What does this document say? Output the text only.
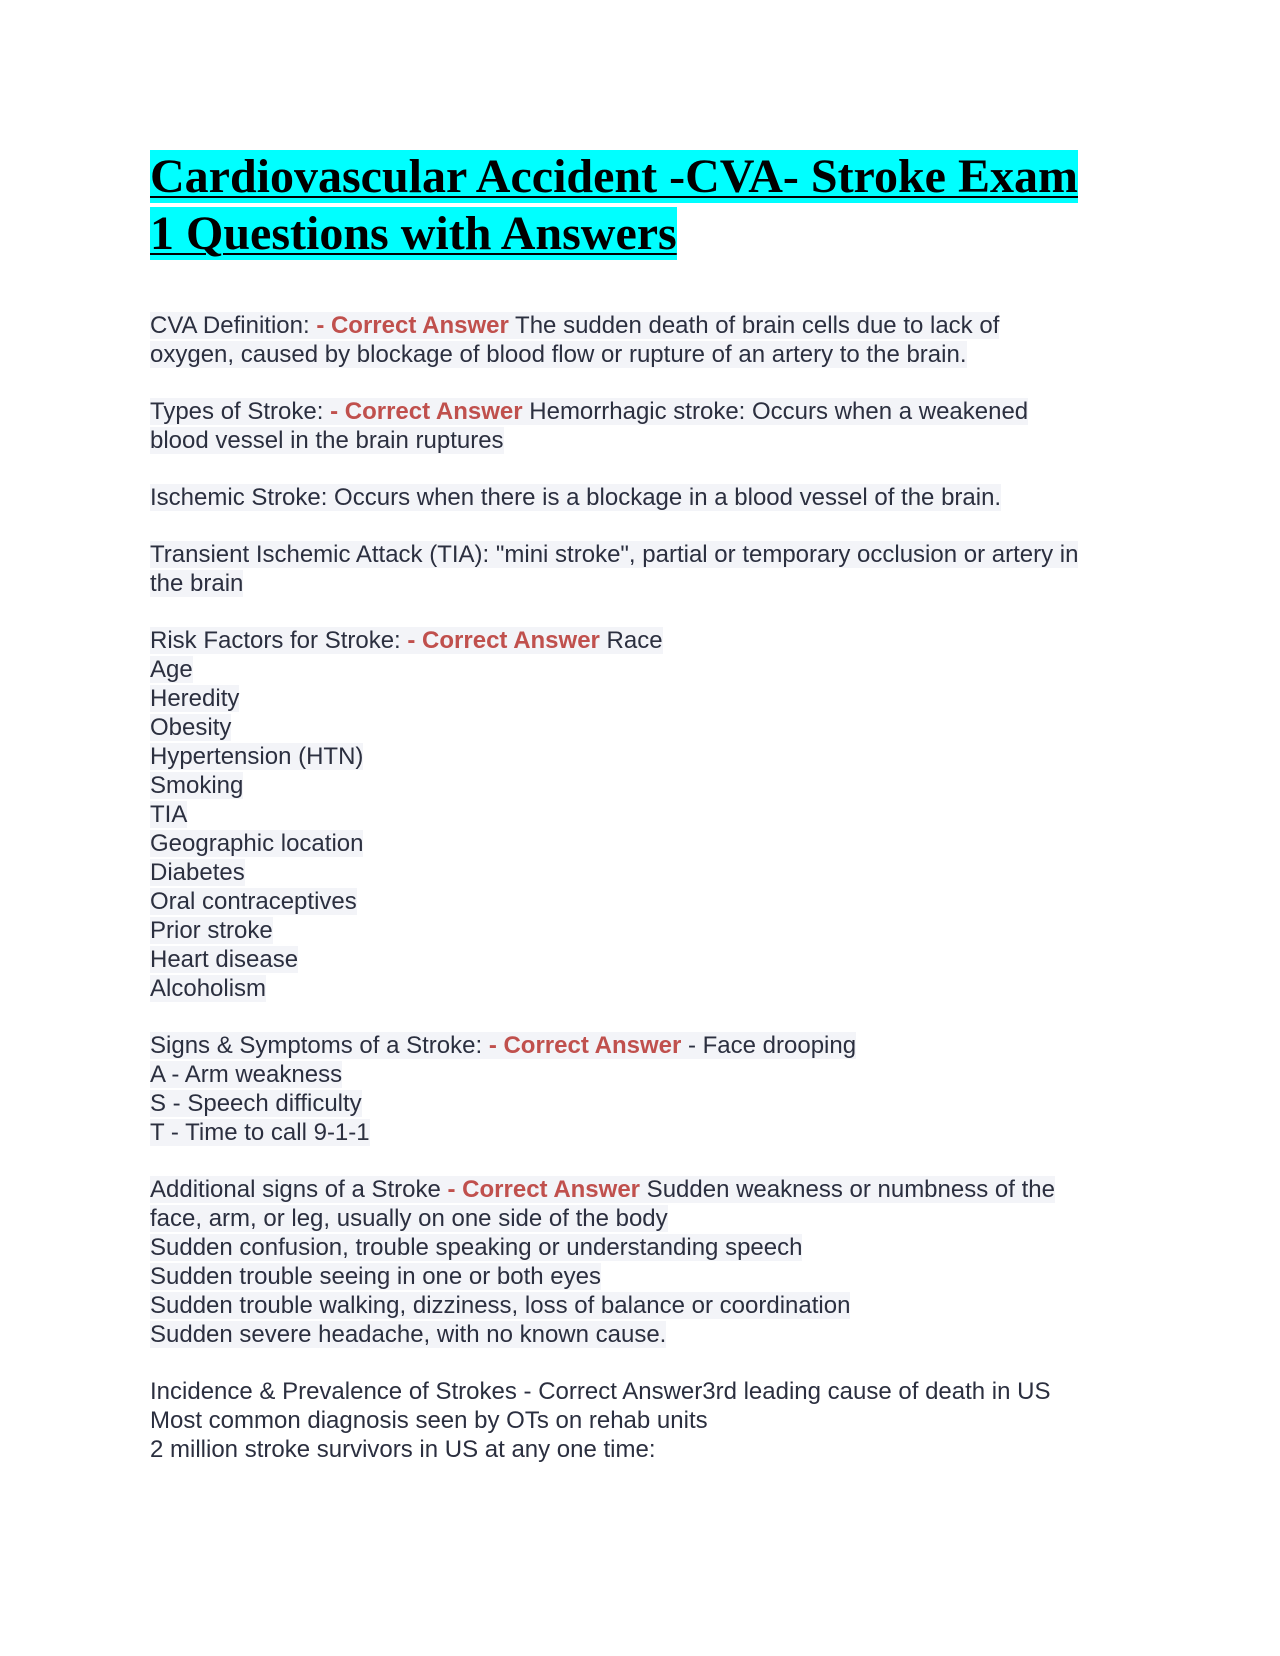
Cardiovascular Accident -CVA- Stroke Exam
1 Questions with Answers
CVA Definition: - Correct Answer The sudden death of brain cells due to lack of
oxygen, caused by blockage of blood flow or rupture of an artery to the brain.
Types of Stroke: - Correct Answer Hemorrhagic stroke: Occurs when a weakened
blood vessel in the brain ruptures
Ischemic Stroke: Occurs when there is a blockage in a blood vessel of the brain.
Transient Ischemic Attack (TIA): "mini stroke", partial or temporary occlusion or artery in
the brain
Risk Factors for Stroke: - Correct Answer Race
Age
Heredity
Obesity
Hypertension (HTN)
Smoking
TIA
Geographic location
Diabetes
Oral contraceptives
Prior stroke
Heart disease
Alcoholism
Signs & Symptoms of a Stroke: - Correct Answer - Face drooping
A - Arm weakness
S - Speech difficulty
T - Time to call 9-1-1
Additional signs of a Stroke - Correct Answer Sudden weakness or numbness of the
face, arm, or leg, usually on one side of the body
Sudden confusion, trouble speaking or understanding speech
Sudden trouble seeing in one or both eyes
Sudden trouble walking, dizziness, loss of balance or coordination
Sudden severe headache, with no known cause.
Incidence & Prevalence of Strokes - Correct Answer3rd leading cause of death in US
Most common diagnosis seen by OTs on rehab units
2 million stroke survivors in US at any one time:
